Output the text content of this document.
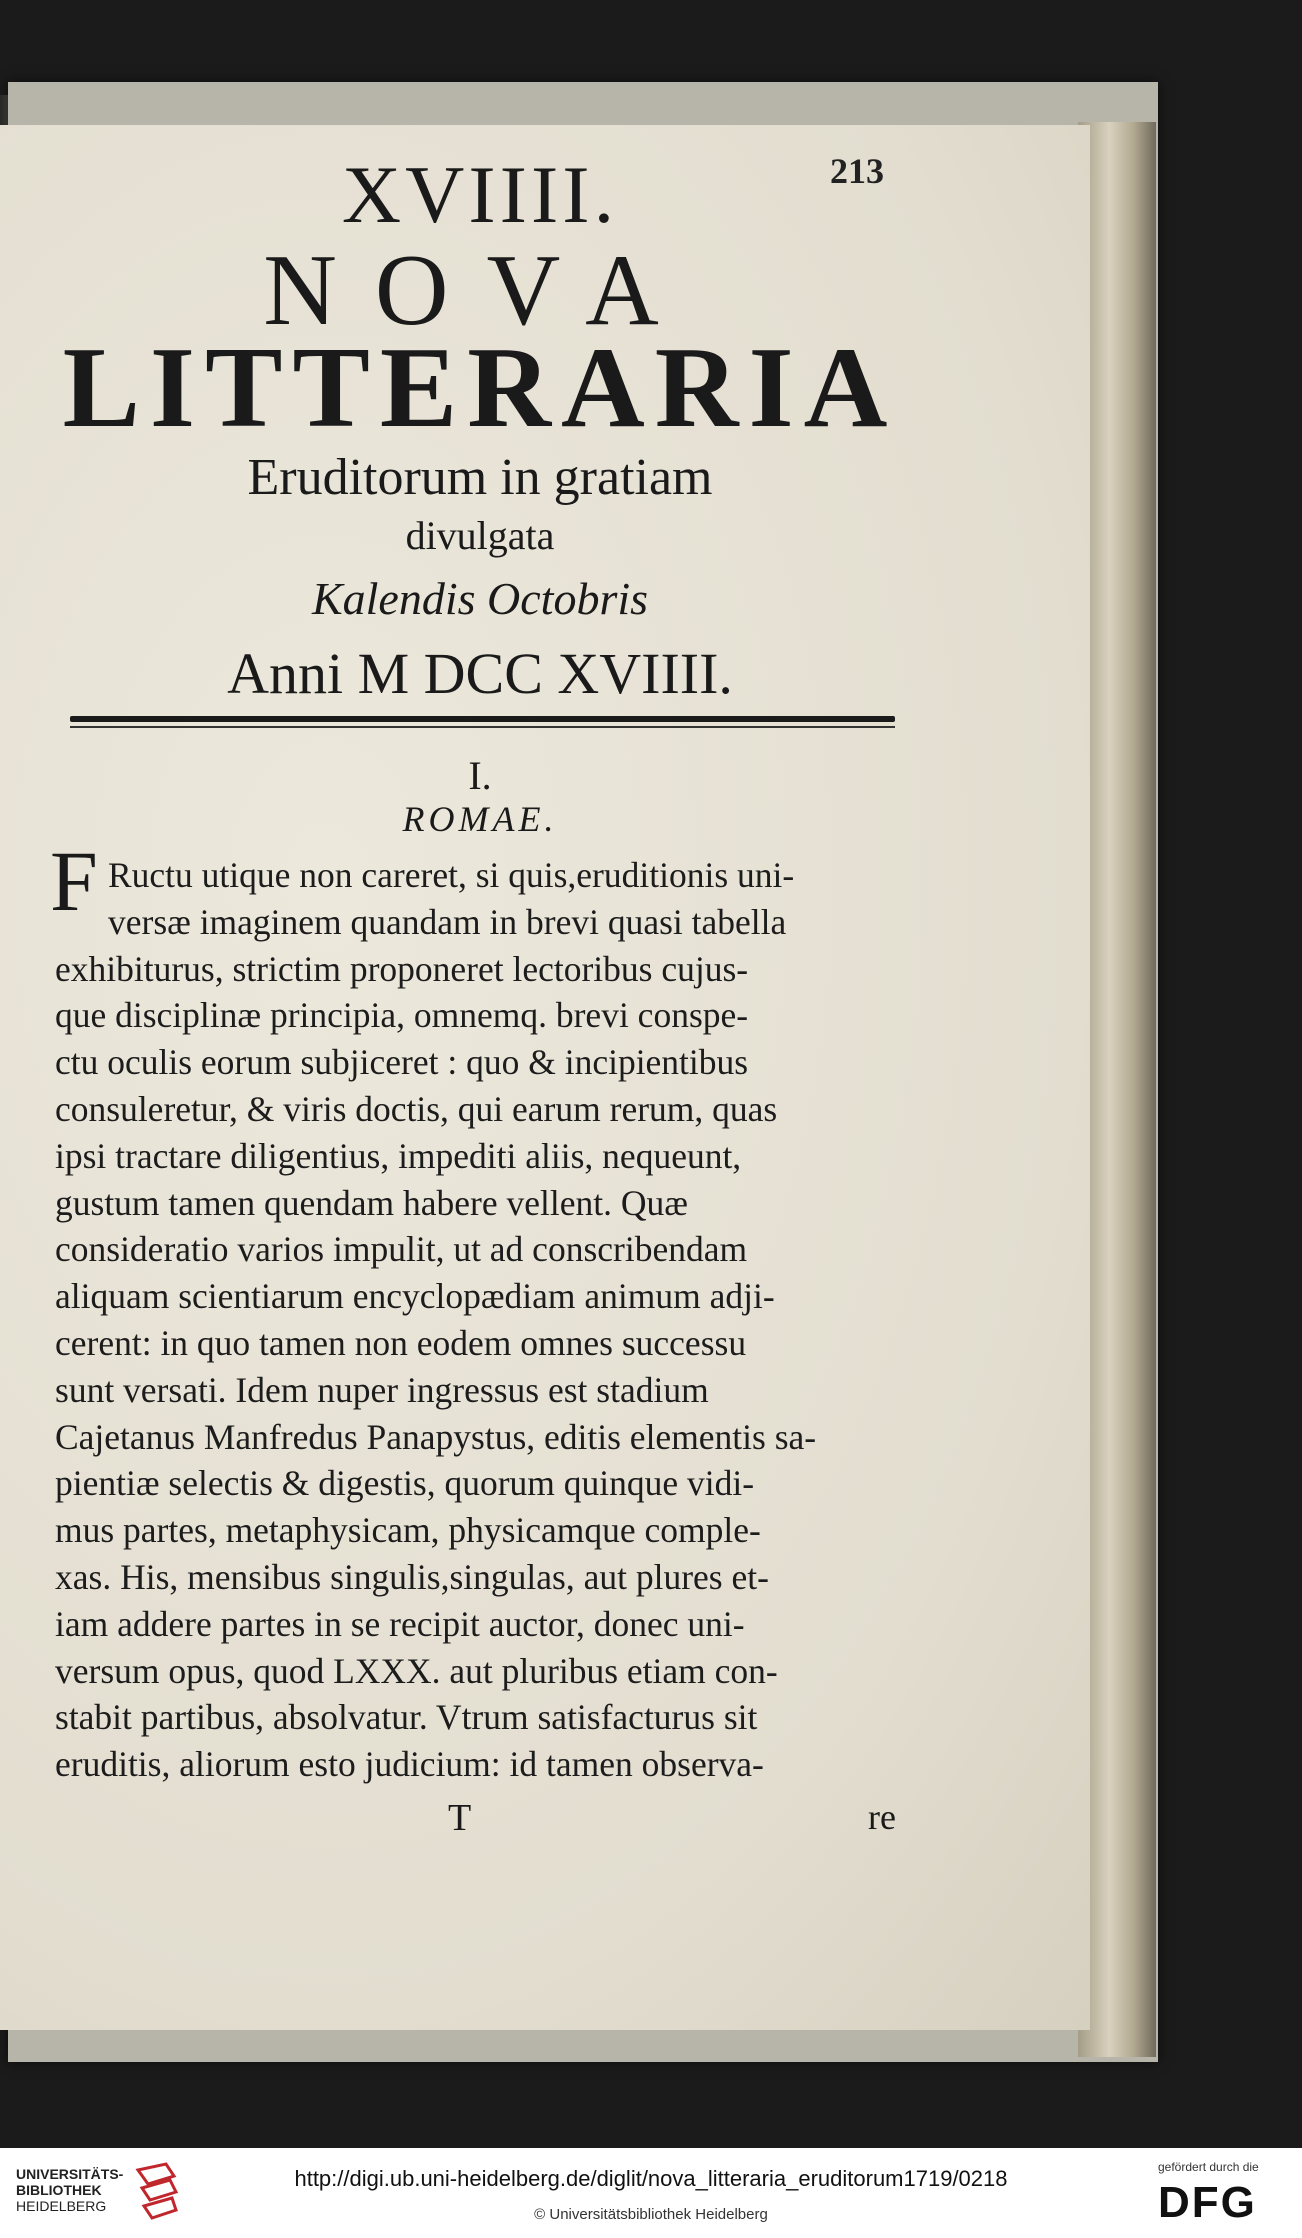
213
XVIIII.
NOVA
LITTERARIA
Eruditorum in gratiam
divulgata
Kalendis Octobris
Anni M DCC XVIIII.
I.
ROMAE.
F Ructu utique non careret, si quis,eruditionis uni-
versæ imaginem quandam in brevi quasi tabella
exhibiturus, strictim proponeret lectoribus cujus-
que disciplinæ principia, omnemq. brevi conspe-
ctu oculis eorum subjiceret : quo & incipientibus
consuleretur, & viris doctis, qui earum rerum, quas
ipsi tractare diligentius, impediti aliis, nequeunt,
gustum tamen quendam habere vellent. Quæ
consideratio varios impulit, ut ad conscribendam
aliquam scientiarum encyclopædiam animum adji-
cerent: in quo tamen non eodem omnes successu
sunt versati. Idem nuper ingressus est stadium
Cajetanus Manfredus Panapystus, editis elementis sa-
pientiæ selectis & digestis, quorum quinque vidi-
mus partes, metaphysicam, physicamque comple-
xas. His, mensibus singulis,singulas, aut plures et-
iam addere partes in se recipit auctor, donec uni-
versum opus, quod LXXX. aut pluribus etiam con-
stabit partibus, absolvatur. Vtrum satisfacturus sit
eruditis, aliorum esto judicium: id tamen observa-
T	re
UNIVERSITÄTS-
BIBLIOTHEK
HEIDELBERG
http://digi.ub.uni-heidelberg.de/diglit/nova_litteraria_eruditorum1719/0218
© Universitätsbibliothek Heidelberg
gefördert durch die
DFG
